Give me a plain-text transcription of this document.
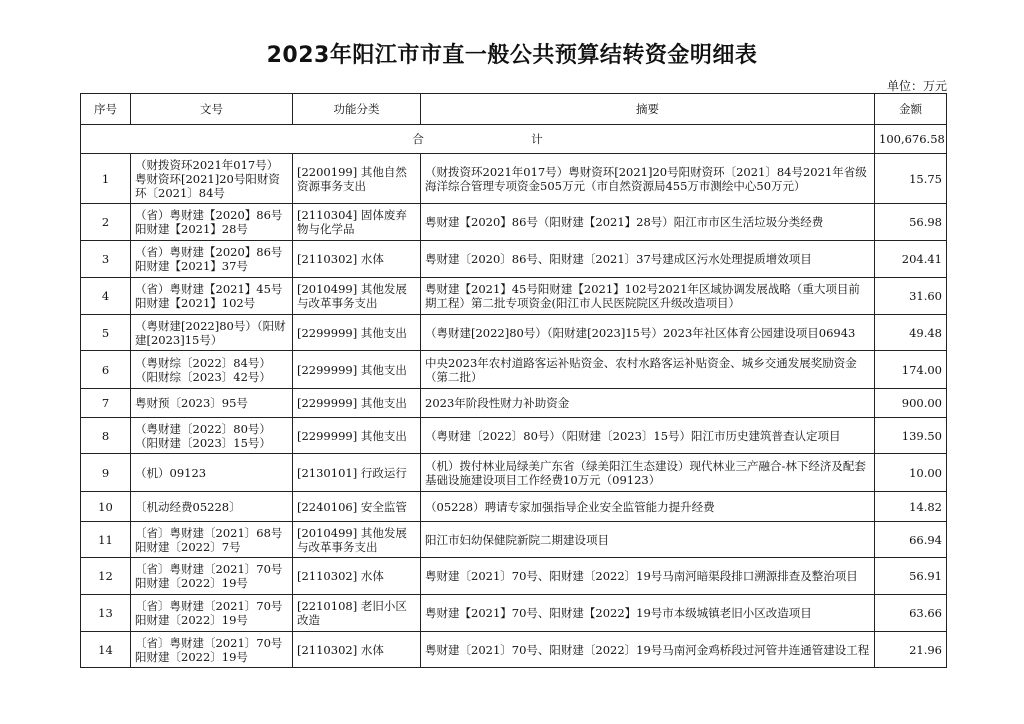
2023年阳江市市直一般公共预算结转资金明细表
单位：万元
序号	文号	功能分类	摘要	金额
合 计				100,676.58
1	（财拨资环2021年017号）粤财资环[2021]20号阳财资环〔2021〕84号	[2200199] 其他自然资源事务支出	（财拨资环2021年017号）粤财资环[2021]20号阳财资环〔2021〕84号2021年省级海洋综合管理专项资金505万元（市自然资源局455万市测绘中心50万元）	15.75
2	（省）粤财建【2020】86号阳财建【2021】28号	[2110304] 固体废弃物与化学品	粤财建【2020】86号（阳财建【2021】28号）阳江市市区生活垃圾分类经费	56.98
3	（省）粤财建【2020】86号阳财建【2021】37号	[2110302] 水体	粤财建〔2020〕86号、阳财建〔2021〕37号建成区污水处理提质增效项目	204.41
4	（省）粤财建【2021】45号阳财建【2021】102号	[2010499] 其他发展与改革事务支出	粤财建【2021】45号阳财建【2021】102号2021年区域协调发展战略（重大项目前期工程）第二批专项资金(阳江市人民医院院区升级改造项目）	31.60
5	（粤财建[2022]80号）（阳财建[2023]15号）	[2299999] 其他支出	（粤财建[2022]80号）（阳财建[2023]15号）2023年社区体育公园建设项目06943	49.48
6	（粤财综〔2022〕84号）（阳财综〔2023〕42号）	[2299999] 其他支出	中央2023年农村道路客运补贴资金、农村水路客运补贴资金、城乡交通发展奖励资金（第二批）	174.00
7	粤财预〔2023〕95号	[2299999] 其他支出	2023年阶段性财力补助资金	900.00
8	（粤财建〔2022〕80号）（阳财建〔2023〕15号）	[2299999] 其他支出	（粤财建〔2022〕80号）（阳财建〔2023〕15号）阳江市历史建筑普查认定项目	139.50
9	（机）09123	[2130101] 行政运行	（机）拨付林业局绿美广东省（绿美阳江生态建设）现代林业三产融合-林下经济及配套基础设施建设项目工作经费10万元（09123）	10.00
10	〔机动经费05228〕	[2240106] 安全监管	（05228）聘请专家加强指导企业安全监管能力提升经费	14.82
11	〔省〕粤财建〔2021〕68号阳财建〔2022〕7号	[2010499] 其他发展与改革事务支出	阳江市妇幼保健院新院二期建设项目	66.94
12	〔省〕粤财建〔2021〕70号阳财建〔2022〕19号	[2110302] 水体	粤财建〔2021〕70号、阳财建〔2022〕19号马南河暗渠段排口溯源排查及整治项目	56.91
13	〔省〕粤财建〔2021〕70号阳财建〔2022〕19号	[2210108] 老旧小区改造	粤财建【2021】70号、阳财建【2022】19号市本级城镇老旧小区改造项目	63.66
14	〔省〕粤财建〔2021〕70号阳财建〔2022〕19号	[2110302] 水体	粤财建〔2021〕70号、阳财建〔2022〕19号马南河金鸡桥段过河管井连通管建设工程	21.96
